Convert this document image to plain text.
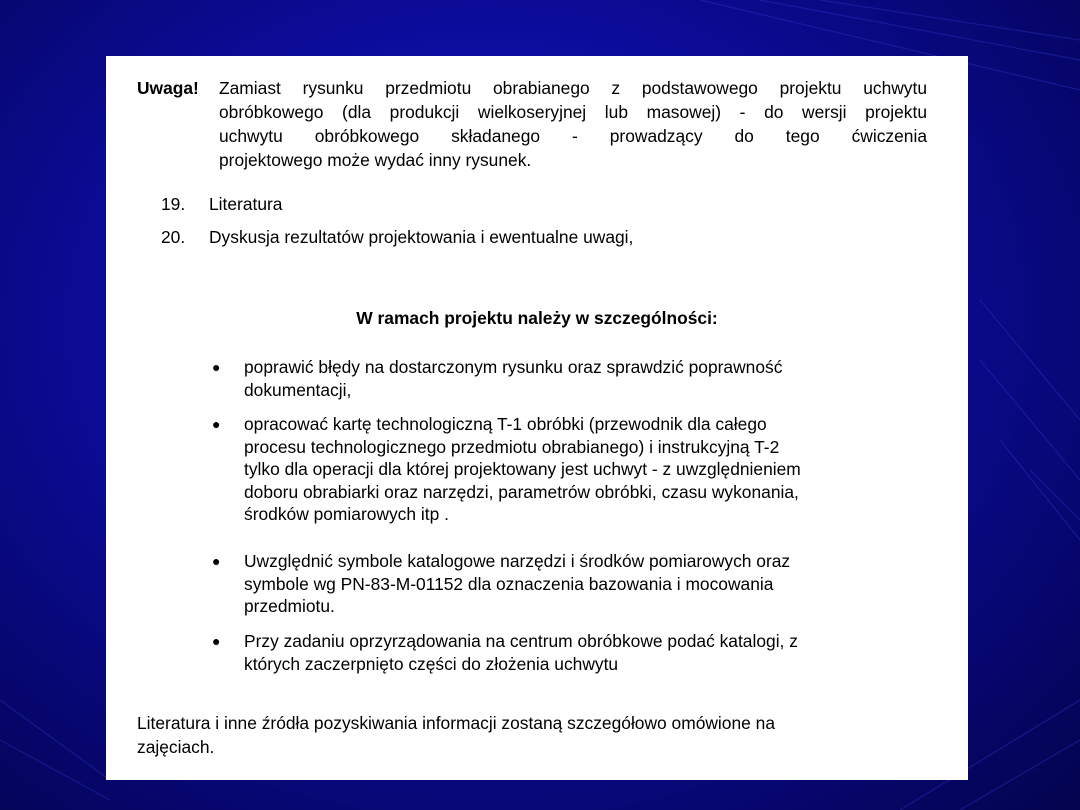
Uwaga! Zamiast rysunku przedmiotu obrabianego z podstawowego projektu uchwytu
obróbkowego (dla produkcji wielkoseryjnej lub masowej) - do wersji projektu
uchwytu obróbkowego składanego - prowadzący do tego ćwiczenia
projektowego może wydać inny rysunek.
19.	Literatura
20.	Dyskusja rezultatów projektowania i ewentualne uwagi,
W ramach projektu należy w szczególności:
● poprawić błędy na dostarczonym rysunku oraz sprawdzić poprawność
dokumentacji,
● opracować kartę technologiczną T-1 obróbki (przewodnik dla całego
procesu technologicznego przedmiotu obrabianego) i instrukcyjną T-2
tylko dla operacji dla której projektowany jest uchwyt - z uwzględnieniem
doboru obrabiarki oraz narzędzi, parametrów obróbki, czasu wykonania,
środków pomiarowych itp .
● Uwzględnić symbole katalogowe narzędzi i środków pomiarowych oraz
symbole wg PN-83-M-01152 dla oznaczenia bazowania i mocowania
przedmiotu.
● Przy zadaniu oprzyrządowania na centrum obróbkowe podać katalogi, z
których zaczerpnięto części do złożenia uchwytu
Literatura i inne źródła pozyskiwania informacji zostaną szczegółowo omówione na
zajęciach.
